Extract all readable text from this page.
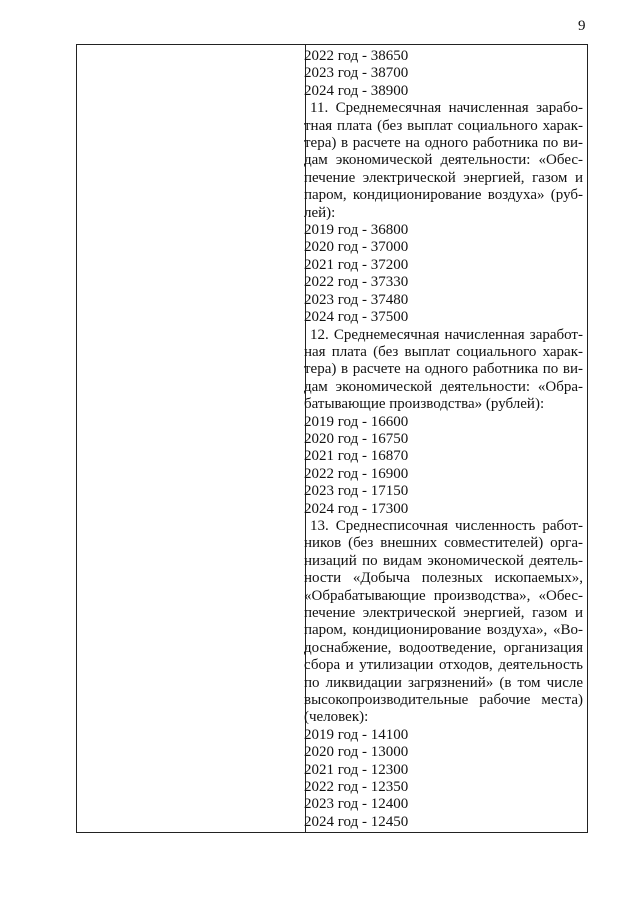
9
2022 год - 38650
2023 год - 38700
2024 год - 38900
11. Среднемесячная начисленная зарабо-
тная плата (без выплат социального харак-
тера) в расчете на одного работника по ви-
дам экономической деятельности: «Обес-
печение электрической энергией, газом и
паром, кондиционирование воздуха» (руб-
лей):
2019 год - 36800
2020 год - 37000
2021 год - 37200
2022 год - 37330
2023 год - 37480
2024 год - 37500
12. Среднемесячная начисленная заработ-
ная плата (без выплат социального харак-
тера) в расчете на одного работника по ви-
дам экономической деятельности: «Обра-
батывающие производства» (рублей):
2019 год - 16600
2020 год - 16750
2021 год - 16870
2022 год - 16900
2023 год - 17150
2024 год - 17300
13. Среднесписочная численность работ-
ников (без внешних совместителей) орга-
низаций по видам экономической деятель-
ности «Добыча полезных ископаемых»,
«Обрабатывающие производства», «Обес-
печение электрической энергией, газом и
паром, кондиционирование воздуха», «Во-
доснабжение, водоотведение, организация
сбора и утилизации отходов, деятельность
по ликвидации загрязнений» (в том числе
высокопроизводительные рабочие места)
(человек):
2019 год - 14100
2020 год - 13000
2021 год - 12300
2022 год - 12350
2023 год - 12400
2024 год - 12450
